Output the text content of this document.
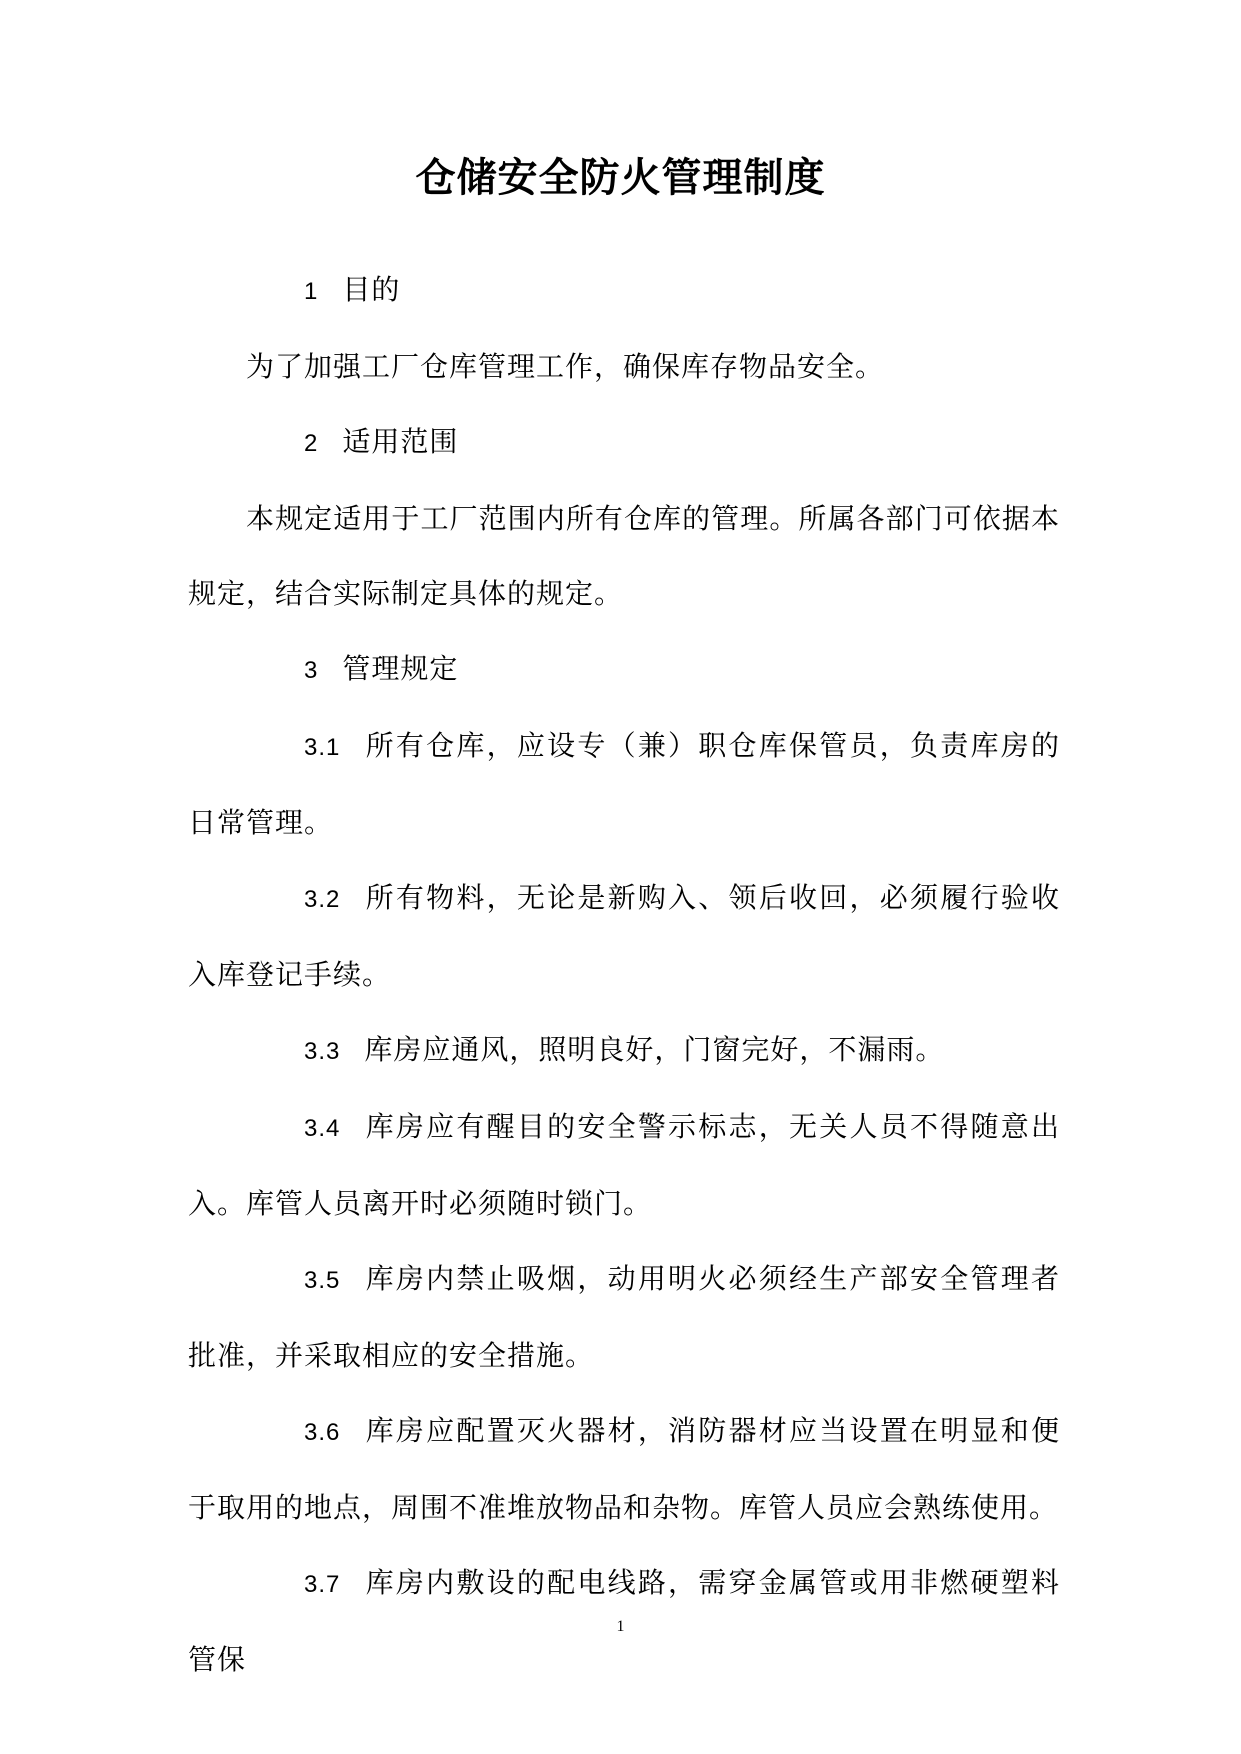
仓储安全防火管理制度

1 目的

为了加强工厂仓库管理工作，确保库存物品安全。

2 适用范围

本规定适用于工厂范围内所有仓库的管理。所属各部门可依据本规定，结合实际制定具体的规定。

3 管理规定

3.1 所有仓库，应设专（兼）职仓库保管员，负责库房的日常管理。

3.2 所有物料，无论是新购入、领后收回，必须履行验收入库登记手续。

3.3 库房应通风，照明良好，门窗完好，不漏雨。

3.4 库房应有醒目的安全警示标志，无关人员不得随意出入。库管人员离开时必须随时锁门。

3.5 库房内禁止吸烟，动用明火必须经生产部安全管理者批准，并采取相应的安全措施。

3.6 库房应配置灭火器材，消防器材应当设置在明显和便于取用的地点，周围不准堆放物品和杂物。库管人员应会熟练使用。

3.7 库房内敷设的配电线路，需穿金属管或用非燃硬塑料管保

1
